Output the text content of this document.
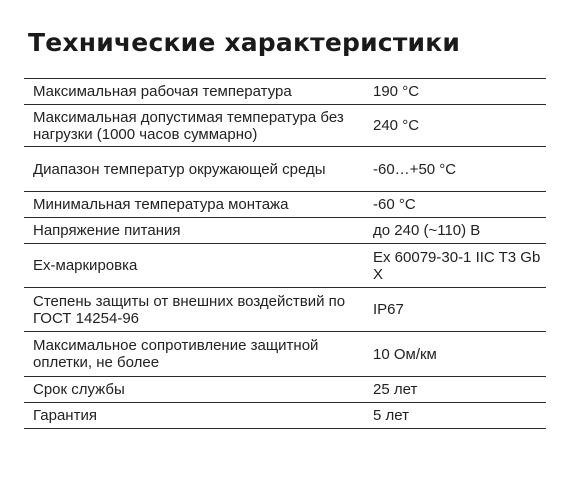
Технические характеристики
Максимальная рабочая температура	190 °C
Максимальная допустимая температура без нагрузки (1000 часов суммарно)	240 °C
Диапазон температур окружающей среды	-60…+50 °C
Минимальная температура монтажа	-60 °C
Напряжение питания	до 240 (~110) В
Ex-маркировка	Ex 60079-30-1 IIC T3 Gb X
Степень защиты от внешних воздействий по ГОСТ 14254-96	IP67
Максимальное сопротивление защитной оплетки, не более	10 Ом/км
Срок службы	25 лет
Гарантия	5 лет
